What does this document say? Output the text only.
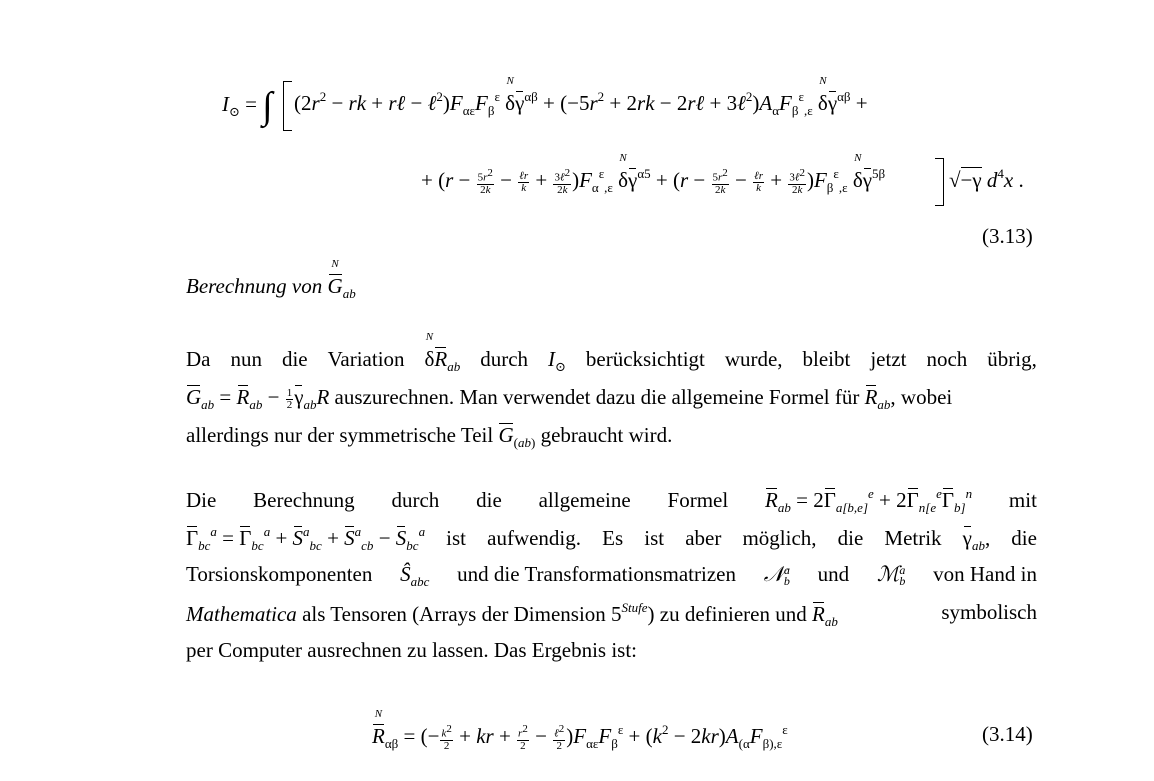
$I_⊙$ = ∫ ($2r^2$ − rk + rℓ − $\ell^2)F_{\alpha\varepsilon}F_\beta^\varepsilon$
N
$\delta\gamma^{\alpha\beta} + (-5r^2 + 2rk$ − 2rℓ + $3\ell^2)A_\alpha F_\beta^\varepsilon_{,\varepsilon}$
N
$\delta\gamma^{\alpha\beta}$ +
+ $(r - \frac{5r^2}{2k} - \frac{\text{ℓr}}{k} + \frac{3\ell^2}{2k} )F_\alpha^\varepsilon_{,\varepsilon}$
N
$\delta\gamma^{\alpha 5} + (r - \frac{5r^2}{2k} - \frac{\text{ℓr}}{k} + \frac{3\ell^2}{2k} )F_\beta^\varepsilon_{,\varepsilon}$
N
$\delta\gamma^{5\beta}$	√−γ $d^4x$ .
(3.13)
Berechnung von
N
$G_{ab}$
Da nun die Variation
N
$\delta R_{ab}$ durch $I_⊙$ berücksichtigt wurde, bleibt jetzt noch übrig,
$G_{ab} = R_{ab} - \frac{1}{2} \gamma_{ab}R$ auszurechnen. Man verwendet dazu die allgemeine Formel für $R_{ab}$, wobei
allerdings nur der symmetrische Teil $G_{(ab)}$ gebraucht wird.
Die Berechnung durch die allgemeine Formel $R_{ab} = 2\Gamma_{a[b,e]}^e + 2\Gamma_{n[e}^e\Gamma_{b]}^n$ mit
$\Gamma_{bc}^a = \Gamma_{bc}^a + S^a_{bc} + S^a_{cb} - S_{bc}^a$ ist aufwendig. Es ist aber möglich, die Metrik $\gamma_{ab}$, die
Torsionskomponenten $Ŝ_{abc}$ und die Transformationsmatrizen 𝒩 a
b und ℳ a
b von Hand in
Mathematica als Tensoren (Arrays der Dimension $5^{Stufe}$) zu definieren und $R_{ab}$	symbolisch
per Computer ausrechnen zu lassen. Das Ergebnis ist:
N
$R_{\alpha\beta}$ = (− $\frac{k^2}{2}$ + kr + $\frac{r^2}{2} - \frac{\ell^2}{2} )F_{\alpha\varepsilon}F_\beta^\varepsilon + (k^2 - 2kr)A_{(\alpha}F_{\beta),\varepsilon}^\varepsilon$	(3.14)
